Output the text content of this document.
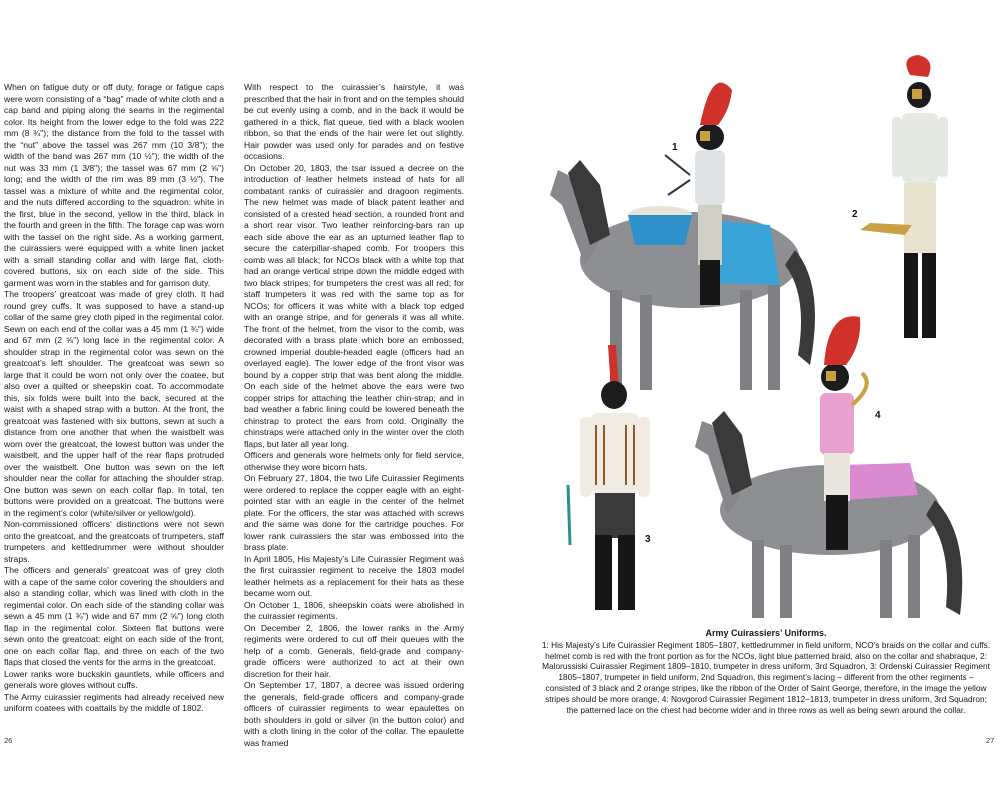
When on fatigue duty or off duty, forage or fatigue caps were worn consisting of a “bag” made of white cloth and a cap band and piping along the seams in the regimental color. Its height from the lower edge to the fold was 222 mm (8 ¾"); the distance from the fold to the tassel with the “nut” above the tassel was 267 mm (10 3/8"); the width of the band was 267 mm (10 ½"); the width of the nut was 33 mm (1 3/8"); the tassel was 67 mm (2 ⅝") long; and the width of the rim was 89 mm (3 ½"). The tassel was a mixture of white and the regimental color, and the nuts differed according to the squadron: white in the first, blue in the second, yellow in the third, black in the fourth and green in the fifth. The forage cap was worn with the tassel on the right side. As a working garment, the cuirassiers were equipped with a white linen jacket with a small standing collar and with large flat, cloth-covered buttons, six on each side of the side. This garment was worn in the stables and for garrison duty.

The troopers’ greatcoat was made of grey cloth. It had round grey cuffs. It was supposed to have a stand-up collar of the same grey cloth piped in the regimental color. Sewn on each end of the collar was a 45 mm (1 ¾") wide and 67 mm (2 ⅝") long lace in the regimental color. A shoulder strap in the regimental color was sewn on the greatcoat’s left shoulder. The greatcoat was sewn so large that it could be worn not only over the coatee, but also over a quilted or sheepskin coat. To accommodate this, six folds were built into the back, secured at the waist with a shaped strap with a button. At the front, the greatcoat was fastened with six buttons, sewn at such a distance from one another that when the waistbelt was worn over the greatcoat, the lowest button was under the waistbelt, and the upper half of the rear flaps protruded over the waistbelt. One button was sewn on the left shoulder near the collar for attaching the shoulder strap. One button was sewn on each collar flap. In total, ten buttons were provided on a greatcoat. The buttons were in the regiment’s color (white/silver or yellow/gold).

Non-commissioned officers’ distinctions were not sewn onto the greatcoat, and the greatcoats of trumpeters, staff trumpeters and kettledrummer were without shoulder straps.

The officers and generals’ greatcoat was of grey cloth with a cape of the same color covering the shoulders and also a standing collar, which was lined with cloth in the regimental color. On each side of the standing collar was sewn a 45 mm (1 ¾") wide and 67 mm (2 ⅝") long cloth flap in the regimental color. Sixteen flat buttons were sewn onto the greatcoat: eight on each side of the front, one on each collar flap, and three on each of the two flaps that closed the vents for the arms in the greatcoat.

Lower ranks wore buckskin gauntlets, while officers and generals wore gloves without cuffs.

The Army cuirassier regiments had already received new uniform coatees with coattails by the middle of 1802.

With respect to the cuirassier’s hairstyle, it was prescribed that the hair in front and on the temples should be cut evenly using a comb, and in the back it would be gathered in a thick, flat queue, tied with a black woolen ribbon, so that the ends of the hair were let out slightly. Hair powder was used only for parades and on festive occasions.

On October 20, 1803, the tsar issued a decree on the introduction of leather helmets instead of hats for all combatant ranks of cuirassier and dragoon regiments. The new helmet was made of black patent leather and consisted of a crested head section, a rounded front and a short rear visor. Two leather reinforcing-bars ran up each side above the ear as an upturned leather flap to secure the caterpillar-shaped comb. For troopers this comb was all black; for NCOs black with a white top that had an orange vertical stripe down the middle edged with two black stripes; for trumpeters the crest was all red; for staff trumpeters it was red with the same top as for NCOs; for officers it was white with a black top edged with an orange stripe, and for generals it was all white. The front of the helmet, from the visor to the comb, was decorated with a brass plate which bore an embossed, crowned imperial double-headed eagle (officers had an overlayed eagle). The lower edge of the front visor was bound by a copper strip that was bent along the middle. On each side of the helmet above the ears were two copper strips for attaching the leather chin-strap; and in bad weather a fabric lining could be lowered beneath the chinstrap to protect the ears from cold. Originally the chinstraps were attached only in the winter over the cloth flaps, but later all year long.

Officers and generals wore helmets only for field service, otherwise they wore bicorn hats.

On February 27, 1804, the two Life Cuirassier Regiments were ordered to replace the copper eagle with an eight-pointed star with an eagle in the center of the helmet plate. For the officers, the star was attached with screws and the same was done for the cartridge pouches. For lower rank cuirassiers the star was embossed into the brass plate.

In April 1805, His Majesty’s Life Cuirassier Regiment was the first cuirassier regiment to receive the 1803 model leather helmets as a replacement for their hats as these became worn out.

On October 1, 1806, sheepskin coats were abolished in the cuirassier regiments.

On December 2, 1806, the lower ranks in the Army regiments were ordered to cut off their queues with the help of a comb. Generals, field-grade and company-grade officers were authorized to act at their own discretion for their hair.

On September 17, 1807, a decree was issued ordering the generals, field-grade officers and company-grade officers of cuirassier regiments to wear epaulettes on both shoulders in gold or silver (in the button color) and with a cloth lining in the color of the collar. The epaulette was framed

26
1
2
3
4
Army Cuirassiers’ Uniforms.
1: His Majesty’s Life Cuirassier Regiment 1805–1807, kettledrummer in field uniform, NCO’s braids on the collar and cuffs. helmet comb is red with the front portion as for the NCOs, light blue patterned braid, also on the collar and shabraque, 2: Malorussiski Cuirassier Regiment 1809–1810, trumpeter in dress uniform, 3rd Squadron, 3: Ordenski Cuirassier Regiment 1805–1807, trumpeter in field uniform, 2nd Squadron, this regiment’s lacing – different from the other regiments – consisted of 3 black and 2 orange stripes, like the ribbon of the Order of Saint George, therefore, in the image the yellow stripes should be more orange, 4: Novgorod Cuirassier Regiment 1812–1813, trumpeter in dress uniform, 3rd Squadron; the patterned lace on the chest had become wider and in three rows as well as being sewn around the collar.
27
